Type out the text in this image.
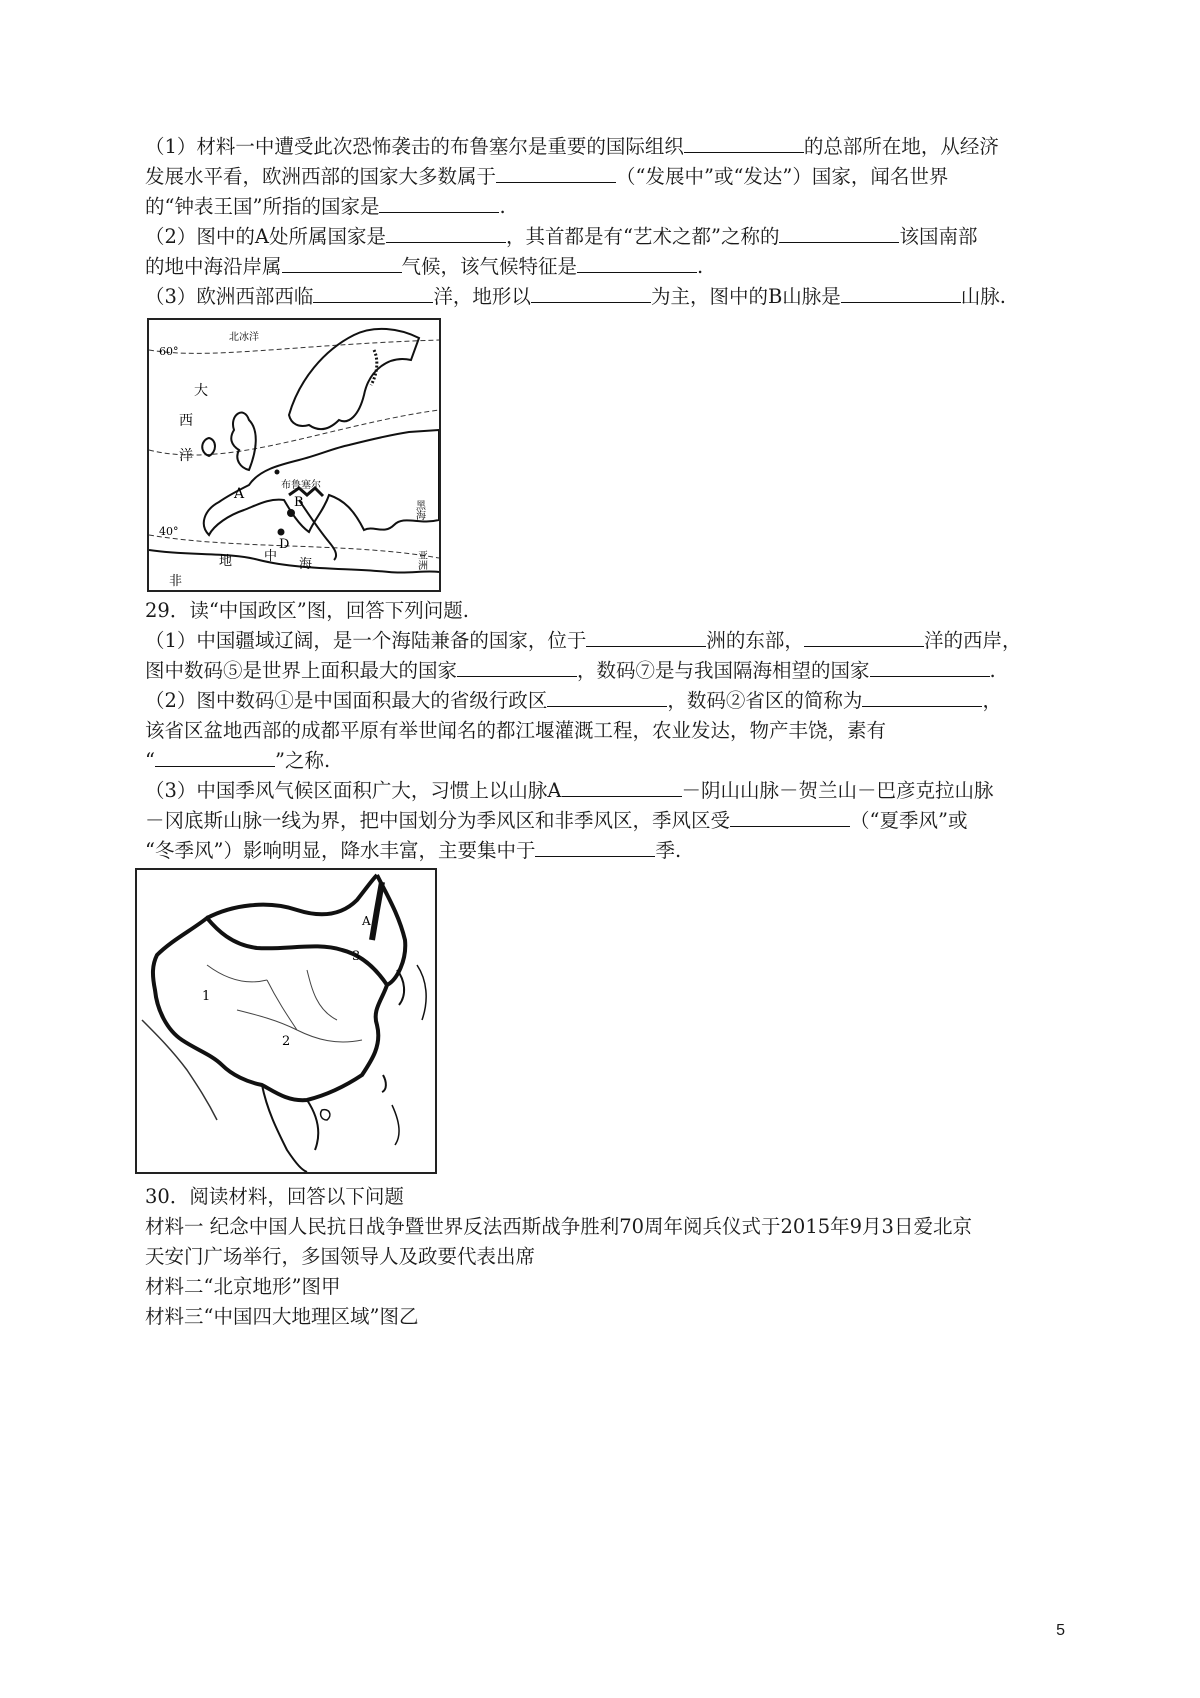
（1）材料一中遭受此次恐怖袭击的布鲁塞尔是重要的国际组织	的总部所在地，从经济
发展水平看，欧洲西部的国家大多数属于	（“发展中”或“发达”）国家，闻名世界
的“钟表王国”所指的国家是	.
（2）图中的A处所属国家是	，其首都是有“艺术之都”之称的	该国南部
的地中海沿岸属	气候，该气候特征是	.
（3）欧洲西部西临	洋，地形以	为主，图中的B山脉是	山脉.
60°
40°
北冰洋
大
西
洋
布鲁塞尔
A
B
D
地 中
海
非
黑海
亚洲
29．读“中国政区”图，回答下列问题.
（1）中国疆域辽阔，是一个海陆兼备的国家，位于	洲的东部，	洋的西岸，
图中数码⑤是世界上面积最大的国家	，数码⑦是与我国隔海相望的国家	.
（2）图中数码①是中国面积最大的省级行政区	，数码②省区的简称为	，
该省区盆地西部的成都平原有举世闻名的都江堰灌溉工程，农业发达，物产丰饶，素有
“	”之称.
（3）中国季风气候区面积广大，习惯上以山脉A	－阴山山脉－贺兰山－巴彦克拉山脉
－冈底斯山脉一线为界，把中国划分为季风区和非季风区，季风区受	（“夏季风”或
“冬季风”）影响明显，降水丰富，主要集中于	季.
1
2
3
A
30．阅读材料，回答以下问题
材料一 纪念中国人民抗日战争暨世界反法西斯战争胜利70周年阅兵仪式于2015年9月3日爱北京
天安门广场举行，多国领导人及政要代表出席
材料二“北京地形”图甲
材料三“中国四大地理区域”图乙
5
